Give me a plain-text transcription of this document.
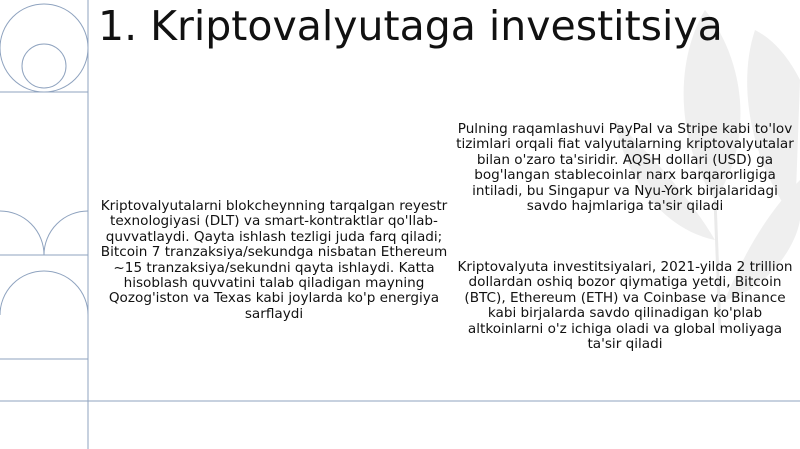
1. Kriptovalyutaga investitsiya
Kriptovalyutalarni blokcheynning tarqalgan reyestr texnologiyasi (DLT) va smart-kontraktlar qo'llab-quvvatlaydi. Qayta ishlash tezligi juda farq qiladi; Bitcoin 7 tranzaksiya/sekundga nisbatan Ethereum ~15 tranzaksiya/sekundni qayta ishlaydi. Katta hisoblash quvvatini talab qiladigan mayning Qozog'iston va Texas kabi joylarda ko'p energiya sarflaydi
Pulning raqamlashuvi PayPal va Stripe kabi to'lov tizimlari orqali fiat valyutalarning kriptovalyutalar bilan o'zaro ta'siridir. AQSH dollari (USD) ga bog'langan stablecoinlar narx barqarorligiga intiladi, bu Singapur va Nyu-York birjalaridagi savdo hajmlariga ta'sir qiladi
Kriptovalyuta investitsiyalari, 2021-yilda 2 trillion dollardan oshiq bozor qiymatiga yetdi, Bitcoin (BTC), Ethereum (ETH) va Coinbase va Binance kabi birjalarda savdo qilinadigan ko'plab altkoinlarni o'z ichiga oladi va global moliyaga ta'sir qiladi
